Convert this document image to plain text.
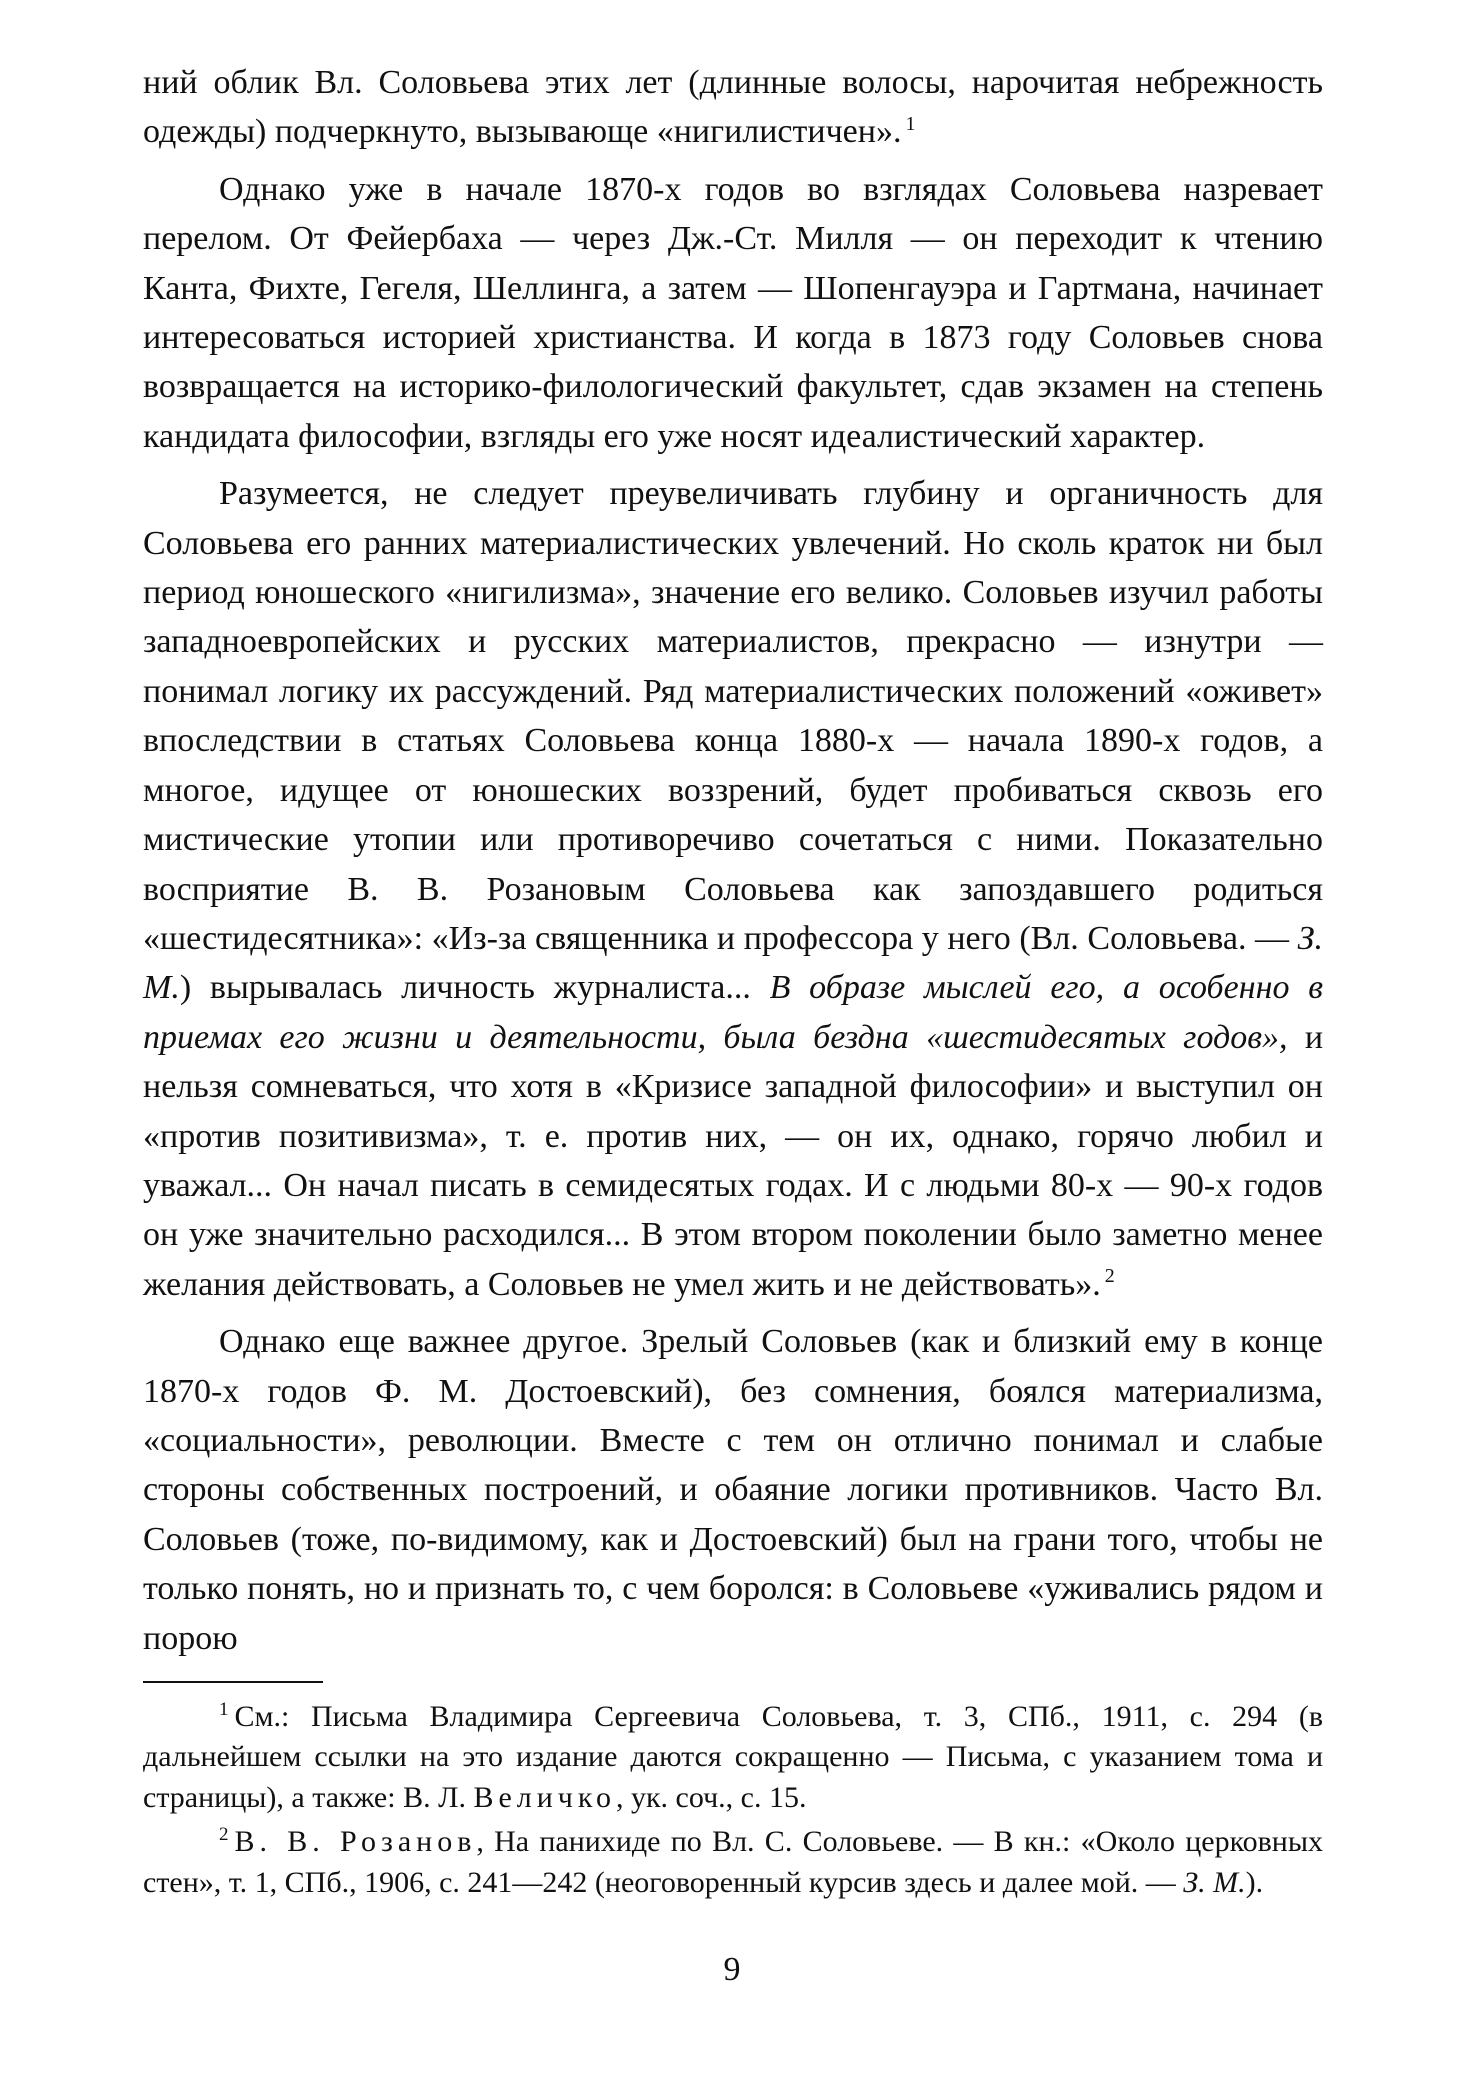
ний облик Вл. Соловьева этих лет (длинные волосы, нарочитая небрежность одежды) подчеркнуто, вызывающе «нигилистичен». $^1$

Однако уже в начале 1870-х годов во взглядах Соловьева назревает перелом. От Фейербаха — через Дж.-Ст. Милля — он переходит к чтению Канта, Фихте, Гегеля, Шеллинга, а затем — Шопенгауэра и Гартмана, начинает интересоваться историей христианства. И когда в 1873 году Соловьев снова возвращается на историко-филологический факультет, сдав экзамен на степень кандидата философии, взгляды его уже носят идеалистический характер.

Разумеется, не следует преувеличивать глубину и органичность для Соловьева его ранних материалистических увлечений. Но сколь краток ни был период юношеского «нигилизма», значение его велико. Соловьев изучил работы западноевропейских и русских материалистов, прекрасно — изнутри — понимал логику их рассуждений. Ряд материалистических положений «оживет» впоследствии в статьях Соловьева конца 1880-х — начала 1890-х годов, а многое, идущее от юношеских воззрений, будет пробиваться сквозь его мистические утопии или противоречиво сочетаться с ними. Показательно восприятие В. В. Розановым Соловьева как запоздавшего родиться «шестидесятника»: «Из-за священника и профессора у него (Вл. Соловьева. — З. М.) вырывалась личность журналиста... В образе мыслей его, а особенно в приемах его жизни и деятельности, была бездна «шестидесятых годов», и нельзя сомневаться, что хотя в «Кризисе западной философии» и выступил он «против позитивизма», т. е. против них, — он их, однако, горячо любил и уважал... Он начал писать в семидесятых годах. И с людьми 80-х — 90-х годов он уже значительно расходился... В этом втором поколении было заметно менее желания действовать, а Соловьев не умел жить и не действовать». $^2$

Однако еще важнее другое. Зрелый Соловьев (как и близкий ему в конце 1870-х годов Ф. М. Достоевский), без сомнения, боялся материализма, «социальности», революции. Вместе с тем он отлично понимал и слабые стороны собственных построений, и обаяние логики противников. Часто Вл. Соловьев (тоже, по-видимому, как и Достоевский) был на грани того, чтобы не только понять, но и признать то, с чем боролся: в Соловьеве «уживались рядом и порою

$^1$ См.: Письма Владимира Сергеевича Соловьева, т. 3, СПб., 1911, с. 294 (в дальнейшем ссылки на это издание даются сокращенно — Письма, с указанием тома и страницы), а также: В. Л. Величко, ук. соч., с. 15.

$^2$ В. В. Розанов, На панихиде по Вл. С. Соловьеве. — В кн.: «Около церковных стен», т. 1, СПб., 1906, с. 241—242 (неоговоренный курсив здесь и далее мой. — З. М.).

9
